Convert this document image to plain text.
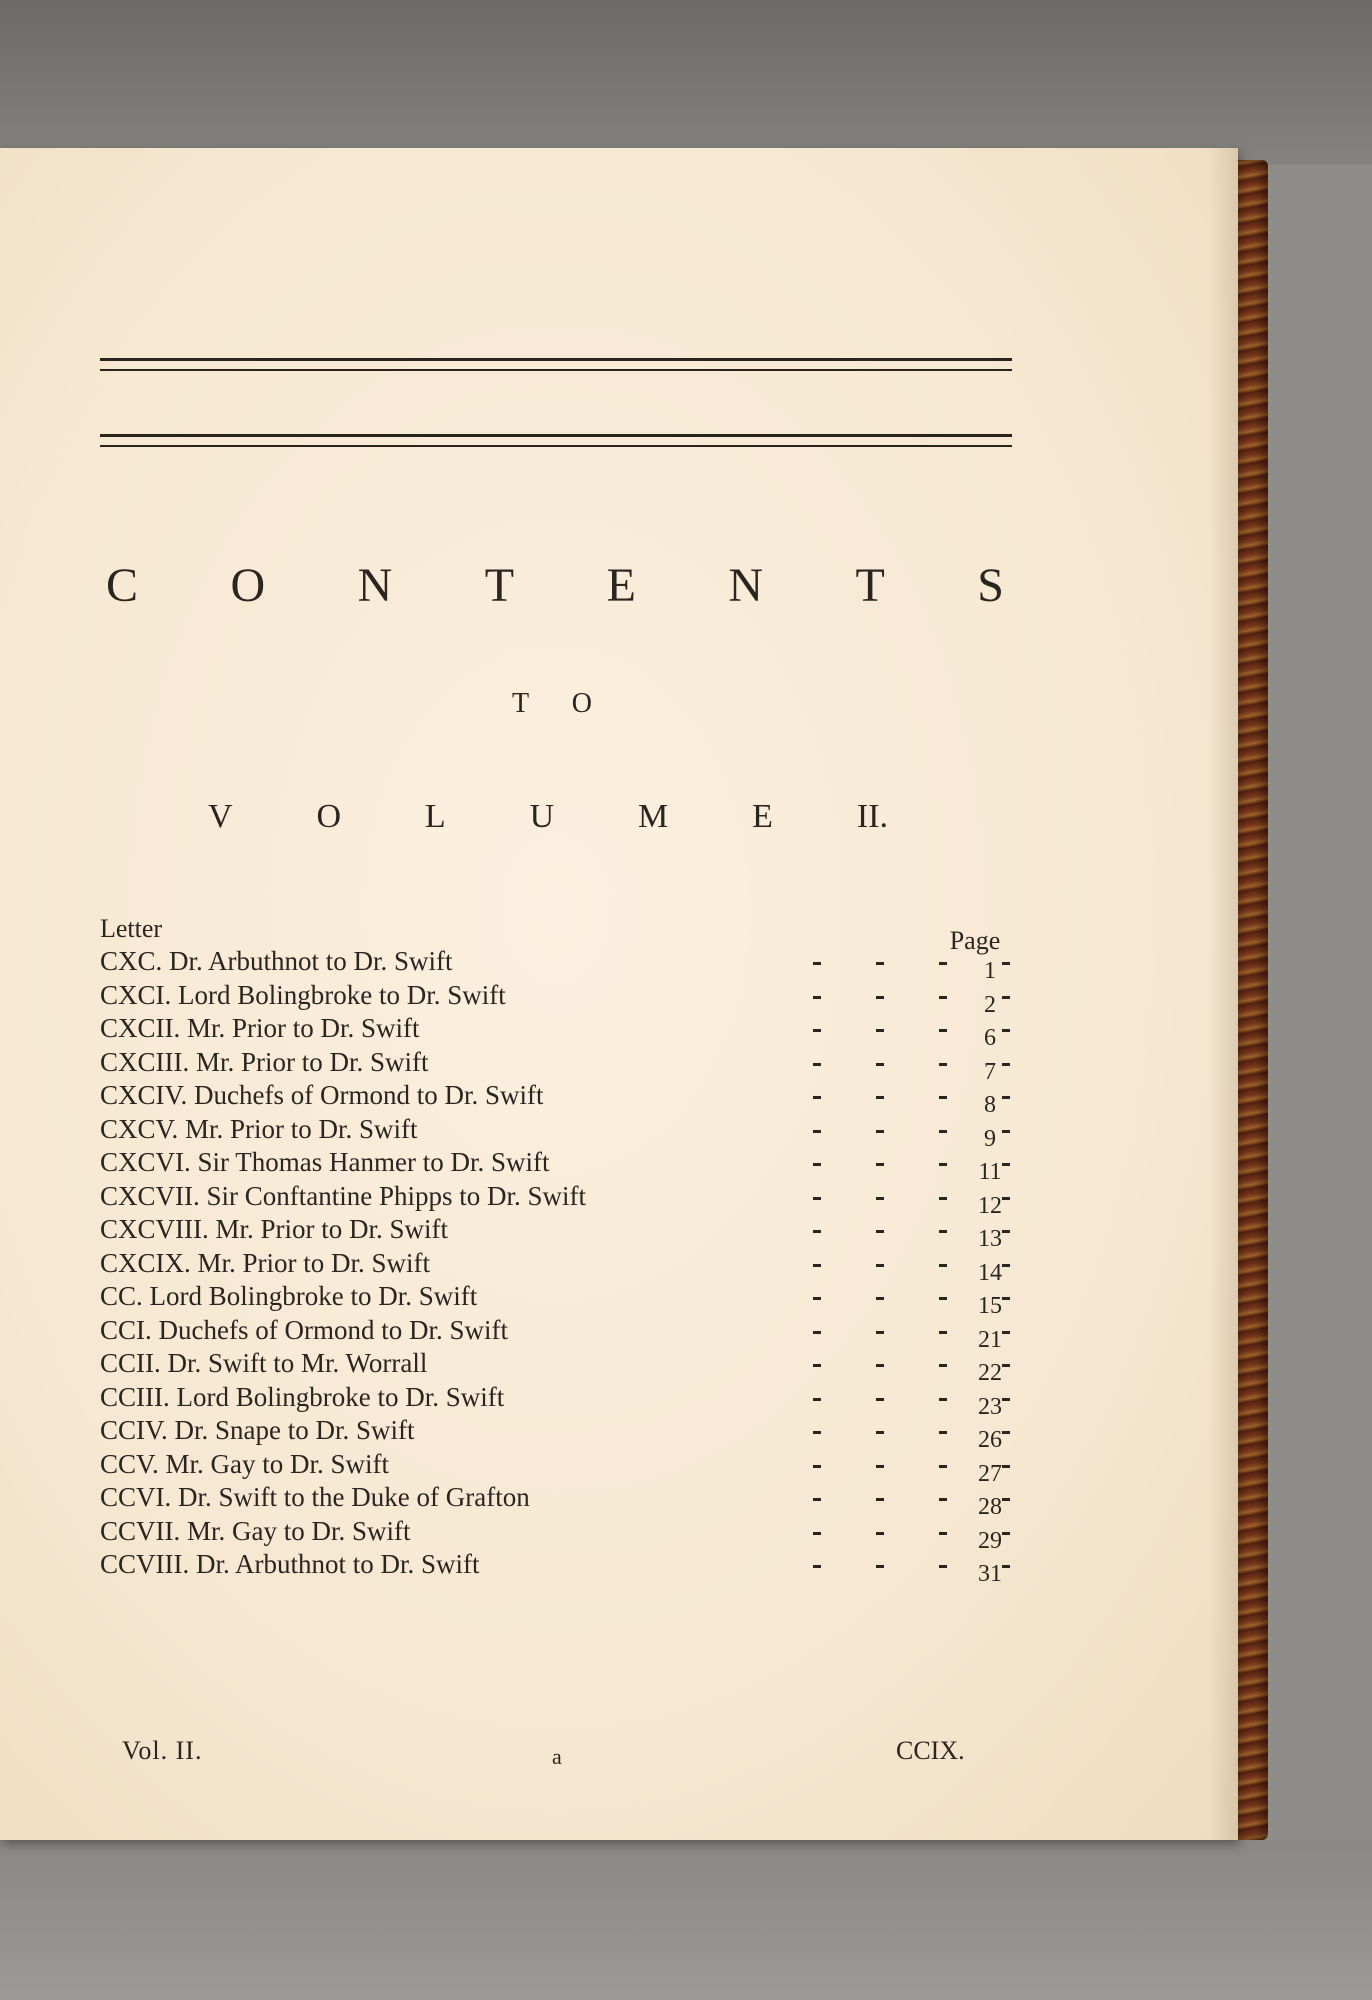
C O N T E N T S
T O
V O L U M E II.
Letter	Page
CXC. Dr. Arbuthnot to Dr. Swift	1
CXCI. Lord Bolingbroke to Dr. Swift	2
CXCII. Mr. Prior to Dr. Swift	6
CXCIII. Mr. Prior to Dr. Swift	7
CXCIV. Duchefs of Ormond to Dr. Swift	8
CXCV. Mr. Prior to Dr. Swift	9
CXCVI. Sir Thomas Hanmer to Dr. Swift	11
CXCVII. Sir Conftantine Phipps to Dr. Swift	12
CXCVIII. Mr. Prior to Dr. Swift	13
CXCIX. Mr. Prior to Dr. Swift	14
CC. Lord Bolingbroke to Dr. Swift	15
CCI. Duchefs of Ormond to Dr. Swift	21
CCII. Dr. Swift to Mr. Worrall	22
CCIII. Lord Bolingbroke to Dr. Swift	23
CCIV. Dr. Snape to Dr. Swift	26
CCV. Mr. Gay to Dr. Swift	27
CCVI. Dr. Swift to the Duke of Grafton	28
CCVII. Mr. Gay to Dr. Swift	29
CCVIII. Dr. Arbuthnot to Dr. Swift	31
Vol. II.	a	CCIX.
